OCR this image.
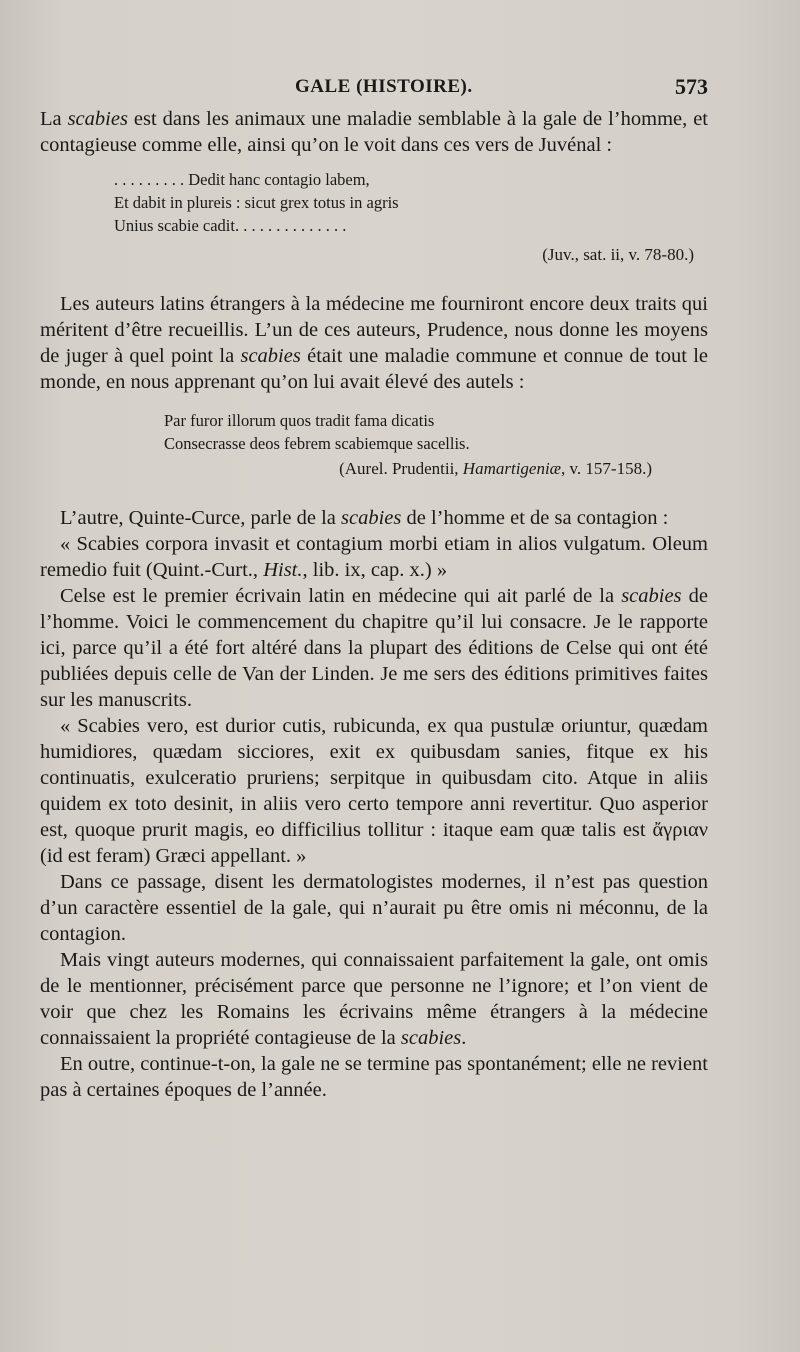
GALE (HISTOIRE).	573

La scabies est dans les animaux une maladie semblable à la gale de l’homme, et contagieuse comme elle, ainsi qu’on le voit dans ces vers de Juvénal :

. . . . . . . . . Dedit hanc contagio labem,

Et dabit in plureis : sicut grex totus in agris

Unius scabie cadit. . . . . . . . . . . . . .

(Juv., sat. ii, v. 78-80.)

Les auteurs latins étrangers à la médecine me fourniront encore deux traits qui méritent d’être recueillis. L’un de ces auteurs, Prudence, nous donne les moyens de juger à quel point la scabies était une maladie commune et connue de tout le monde, en nous apprenant qu’on lui avait élevé des autels :

Par furor illorum quos tradit fama dicatis

Consecrasse deos febrem scabiemque sacellis.

(Aurel. Prudentii, Hamartigeniæ, v. 157-158.)

L’autre, Quinte-Curce, parle de la scabies de l’homme et de sa contagion :

« Scabies corpora invasit et contagium morbi etiam in alios vulgatum. Oleum remedio fuit (Quint.-Curt., Hist., lib. ix, cap. x.) »

Celse est le premier écrivain latin en médecine qui ait parlé de la scabies de l’homme. Voici le commencement du chapitre qu’il lui consacre. Je le rapporte ici, parce qu’il a été fort altéré dans la plupart des éditions de Celse qui ont été publiées depuis celle de Van der Linden. Je me sers des éditions primitives faites sur les manuscrits.

« Scabies vero, est durior cutis, rubicunda, ex qua pustulæ oriuntur, quædam humidiores, quædam sicciores, exit ex quibusdam sanies, fitque ex his continuatis, exulceratio pruriens; serpitque in quibusdam cito. Atque in aliis quidem ex toto desinit, in aliis vero certo tempore anni revertitur. Quo asperior est, quoque prurit magis, eo difficilius tollitur : itaque eam quæ talis est ἄγριαν (id est feram) Græci appellant. »

Dans ce passage, disent les dermatologistes modernes, il n’est pas question d’un caractère essentiel de la gale, qui n’aurait pu être omis ni méconnu, de la contagion.

Mais vingt auteurs modernes, qui connaissaient parfaitement la gale, ont omis de le mentionner, précisément parce que personne ne l’ignore; et l’on vient de voir que chez les Romains les écrivains même étrangers à la médecine connaissaient la propriété contagieuse de la scabies.

En outre, continue-t-on, la gale ne se termine pas spontanément; elle ne revient pas à certaines époques de l’année.
